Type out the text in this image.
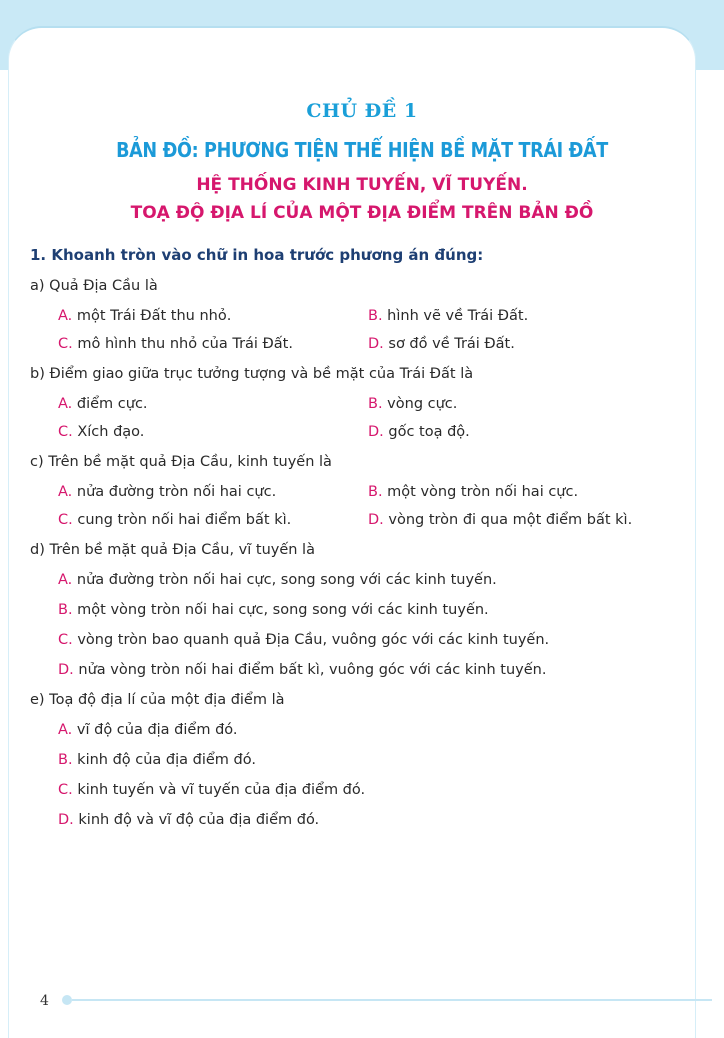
CHỦ ĐỀ 1
BẢN ĐỒ: PHƯƠNG TIỆN THỂ HIỆN BỀ MẶT TRÁI ĐẤT
HỆ THỐNG KINH TUYẾN, VĨ TUYẾN.
TOẠ ĐỘ ĐỊA LÍ CỦA MỘT ĐỊA ĐIỂM TRÊN BẢN ĐỒ
1. Khoanh tròn vào chữ in hoa trước phương án đúng:
a) Quả Địa Cầu là
A. một Trái Đất thu nhỏ.	B. hình vẽ về Trái Đất.
C. mô hình thu nhỏ của Trái Đất.	D. sơ đồ về Trái Đất.
b) Điểm giao giữa trục tưởng tượng và bề mặt của Trái Đất là
A. điểm cực.	B. vòng cực.
C. Xích đạo.	D. gốc toạ độ.
c) Trên bề mặt quả Địa Cầu, kinh tuyến là
A. nửa đường tròn nối hai cực.	B. một vòng tròn nối hai cực.
C. cung tròn nối hai điểm bất kì.	D. vòng tròn đi qua một điểm bất kì.
d) Trên bề mặt quả Địa Cầu, vĩ tuyến là
A. nửa đường tròn nối hai cực, song song với các kinh tuyến.
B. một vòng tròn nối hai cực, song song với các kinh tuyến.
C. vòng tròn bao quanh quả Địa Cầu, vuông góc với các kinh tuyến.
D. nửa vòng tròn nối hai điểm bất kì, vuông góc với các kinh tuyến.
e) Toạ độ địa lí của một địa điểm là
A. vĩ độ của địa điểm đó.
B. kinh độ của địa điểm đó.
C. kinh tuyến và vĩ tuyến của địa điểm đó.
D. kinh độ và vĩ độ của địa điểm đó.
4
